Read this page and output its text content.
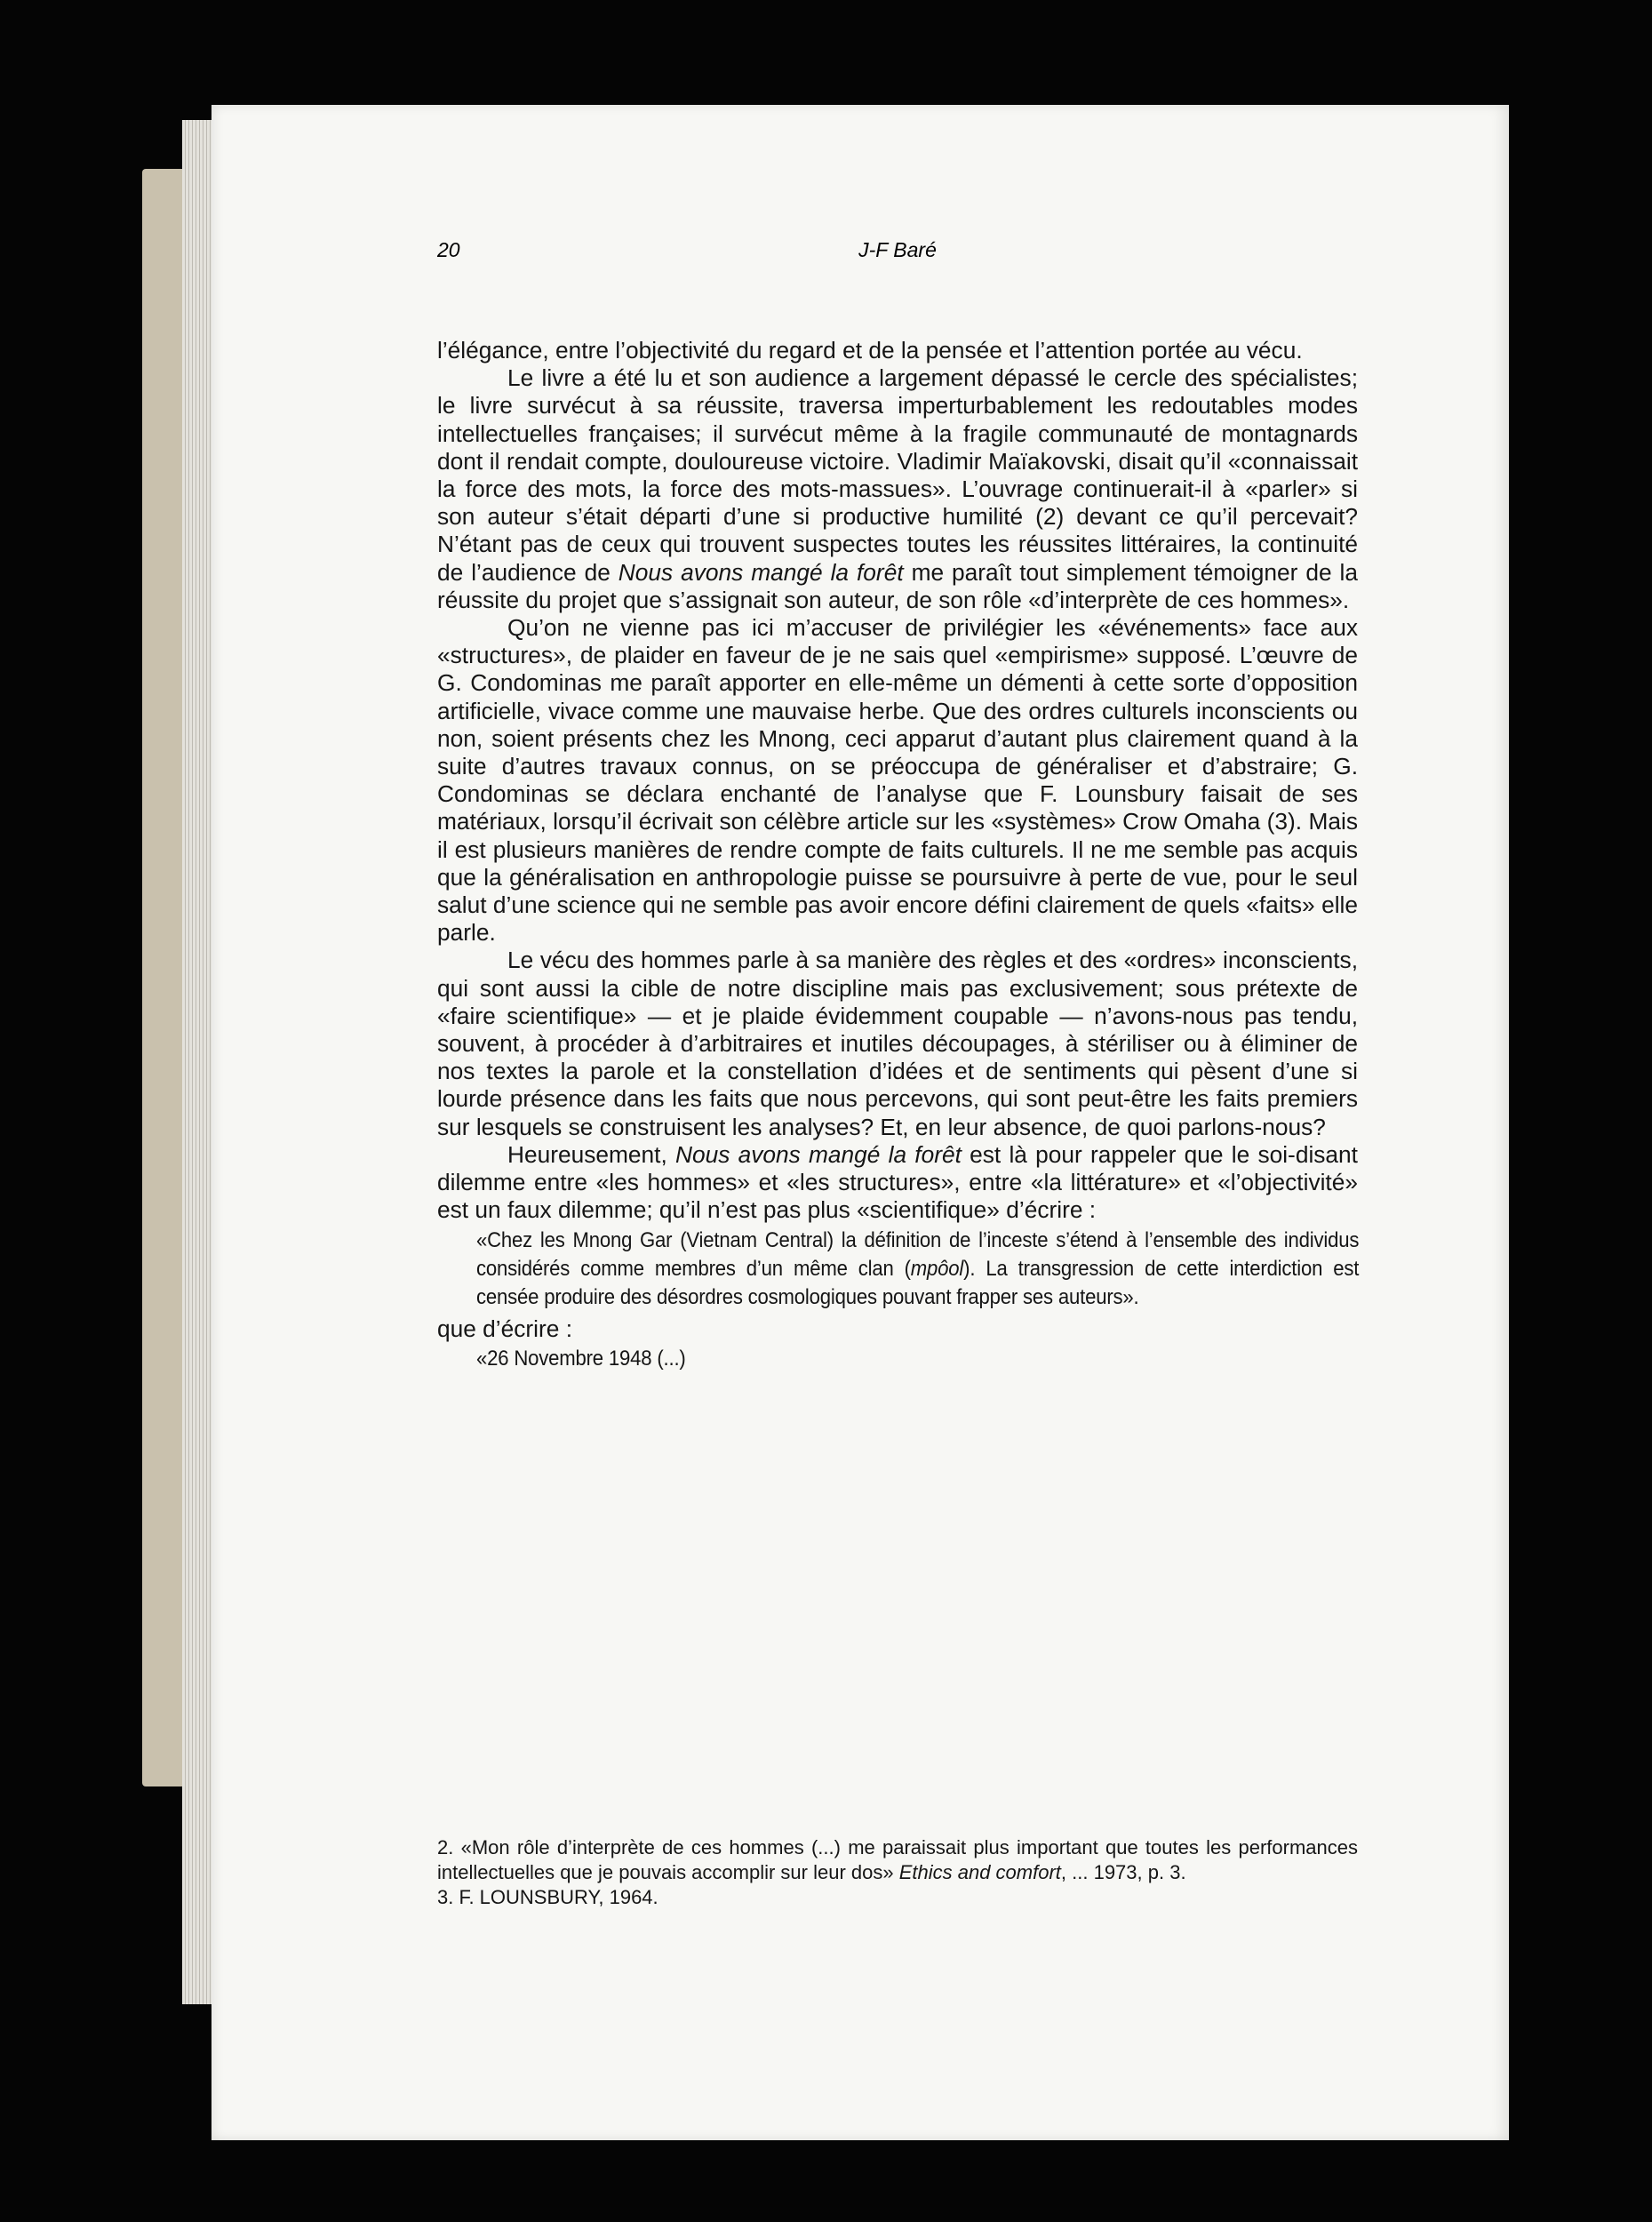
20	J-F Baré

l’élégance, entre l’objectivité du regard et de la pensée et l’attention portée au vécu.

Le livre a été lu et son audience a largement dépassé le cercle des spécialistes; le livre survécut à sa réussite, traversa imperturbablement les redoutables modes intellectuelles françaises; il survécut même à la fragile communauté de montagnards dont il rendait compte, douloureuse victoire. Vladimir Maïakovski, disait qu’il «connaissait la force des mots, la force des mots-massues». L’ouvrage continuerait-il à «parler» si son auteur s’était départi d’une si productive humilité (2) devant ce qu’il percevait? N’étant pas de ceux qui trouvent suspectes toutes les réussites littéraires, la continuité de l’audience de Nous avons mangé la forêt me paraît tout simplement témoigner de la réussite du projet que s’assignait son auteur, de son rôle «d’interprète de ces hommes».

Qu’on ne vienne pas ici m’accuser de privilégier les «événements» face aux «structures», de plaider en faveur de je ne sais quel «empirisme» supposé. L’œuvre de G. Condominas me paraît apporter en elle-même un démenti à cette sorte d’opposition artificielle, vivace comme une mauvaise herbe. Que des ordres culturels inconscients ou non, soient présents chez les Mnong, ceci apparut d’autant plus clairement quand à la suite d’autres travaux connus, on se préoccupa de généraliser et d’abstraire; G. Condominas se déclara enchanté de l’analyse que F. Lounsbury faisait de ses matériaux, lorsqu’il écrivait son célèbre article sur les «systèmes» Crow Omaha (3). Mais il est plusieurs manières de rendre compte de faits culturels. Il ne me semble pas acquis que la généralisation en anthropologie puisse se poursuivre à perte de vue, pour le seul salut d’une science qui ne semble pas avoir encore défini clairement de quels «faits» elle parle.

Le vécu des hommes parle à sa manière des règles et des «ordres» inconscients, qui sont aussi la cible de notre discipline mais pas exclusivement; sous prétexte de «faire scientifique» — et je plaide évidemment coupable — n’avons-nous pas tendu, souvent, à procéder à d’arbitraires et inutiles découpages, à stériliser ou à éliminer de nos textes la parole et la constellation d’idées et de sentiments qui pèsent d’une si lourde présence dans les faits que nous percevons, qui sont peut-être les faits premiers sur lesquels se construisent les analyses? Et, en leur absence, de quoi parlons-nous?

Heureusement, Nous avons mangé la forêt est là pour rappeler que le soi-disant dilemme entre «les hommes» et «les structures», entre «la littérature» et «l’objectivité» est un faux dilemme; qu’il n’est pas plus «scientifique» d’écrire :

«Chez les Mnong Gar (Vietnam Central) la définition de l’inceste s’étend à l’ensemble des individus considérés comme membres d’un même clan (mpôol). La transgression de cette interdiction est censée produire des désordres cosmologiques pouvant frapper ses auteurs».

que d’écrire :

«26 Novembre 1948 (...)

2. «Mon rôle d’interprète de ces hommes (...) me paraissait plus important que toutes les performances intellectuelles que je pouvais accomplir sur leur dos» Ethics and comfort, ... 1973, p. 3.

3. F. LOUNSBURY, 1964.
